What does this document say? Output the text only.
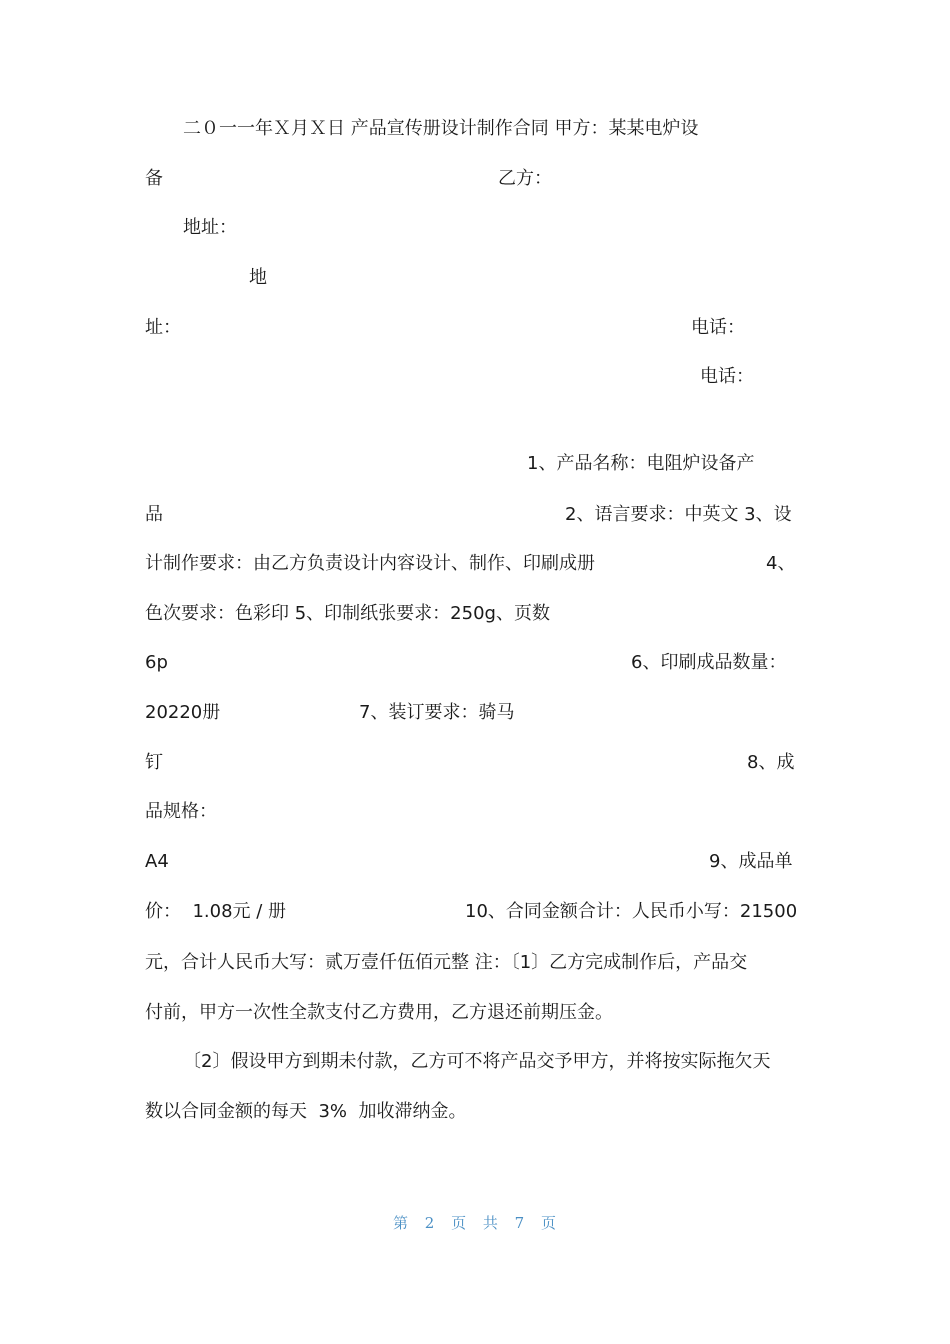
二０一一年Ｘ月Ｘ日 产品宣传册设计制作合同 甲方：某某电炉设
备	乙方：
地址：
地
址：	电话：
电话：
1、产品名称：电阻炉设备产
品	2、语言要求：中英文 3、设
计制作要求：由乙方负责设计内容设计、制作、印刷成册	4、
色次要求：色彩印 5、印制纸张要求：250g、页数
6p	6、印刷成品数量：
20220册	7、装订要求：骑马
钉	8、成
品规格：
A4	9、成品单
价：  1.08元 / 册	10、合同金额合计：人民币小写：21500
元，合计人民币大写：贰万壹仟伍佰元整 注：〔1〕乙方完成制作后，产品交
付前，甲方一次性全款支付乙方费用，乙方退还前期压金。
〔2〕假设甲方到期未付款，乙方可不将产品交予甲方，并将按实际拖欠天
数以合同金额的每天  3%  加收滞纳金。
第 2 页 共 7 页
